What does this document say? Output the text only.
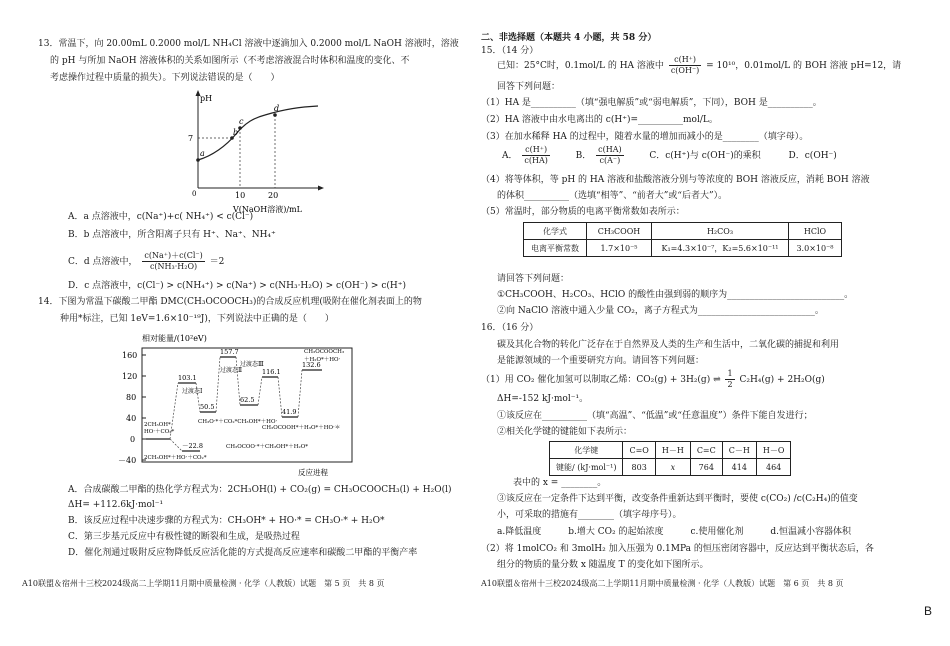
13．常温下，向 20.00mL 0.2000 mol/L NH₄Cl 溶液中逐滴加入 0.2000 mol/L NaOH 溶液时，溶液
的 pH 与所加 NaOH 溶液体积的关系如图所示（不考虑溶液混合时体积和温度的变化、不
考虑操作过程中质量的损失）。下列说法错误的是（　　）
pH
7
0	10	20
V(NaOH溶液)/mL
a
b
c
d
A．a 点溶液中，c(Na⁺)+c( NH₄⁺) < c(Cl⁻)
B．b 点溶液中，所含阳离子只有 H⁺、Na⁺、NH₄⁺
C．d 点溶液中， $\frac{c(Na^+)+c(Cl^-)}{\text{c(NH₃·H₂O)}} =2$
D．c 点溶液中，c(Cl⁻) > c(NH₄⁺) > c(Na⁺) > c(NH₃·H₂O) > c(OH⁻) > c(H⁺)
14．下图为常温下碳酸二甲酯 DMC(CH₃OCOOCH₃)的合成反应机理(吸附在催化剂表面上的物
种用*标注，已知 1eV=1.6×10⁻¹⁹J)，下列说法中正确的是（　　）
相对能量/(10²eV)
160
120
80
40
0
－40
103.1
50.5
157.7
62.5
116.1
41.9
132.6
－22.8
过渡态Ⅰ
过渡态Ⅱ
过渡态Ⅲ
2CH₃OH*
HO·＋CO₂*
CH₃O·*＋CO₂*CH₃OH*＋HO·
CH₃OCOOH*＋H₃O*＋HO·＊
CH₃OCOOCH₃
＋H₂O*＋HO·
CH₃OCOO·*＋CH₃OH*＋H₂O*
2CH₃OH*＋HO·＋CO₂*
反应进程
A．合成碳酸二甲酯的热化学方程式为：2CH₃OH(l) + CO₂(g) = CH₃OCOOCH₃(l) + H₂O(l)
ΔH= +112.6kJ·mol⁻¹
B．该反应过程中决速步骤的方程式为：CH₃OH* + HO·* = CH₃O·* + H₂O*
C．第三步基元反应中有极性键的断裂和生成，是吸热过程
D．催化剂通过吸附反应物降低反应活化能的方式提高反应速率和碳酸二甲酯的平衡产率
A10联盟＆宿州十三校2024级高二上学期11月期中质量检测 · 化学（人教版）试题　第 5 页　共 8 页
二、非选择题（本题共 4 小题，共 58 分）
15．（14 分）
已知：25°C时，0.1mol/L 的 HA 溶液中 $\frac{c(H^+)}{c(OH^-)} = 10^{10}$，0.01mol/L 的 BOH 溶液 pH=12，请
回答下列问题：
（1）HA 是__________（填“强电解质”或“弱电解质”，下同），BOH 是__________。
（2）HA 溶液中由水电离出的 c(H⁺)=__________mol/L。
（3）在加水稀释 HA 的过程中，随着水量的增加而减小的是________（填字母）。
A． $\frac{c(H^+)}{c(HA)}$	B． $\frac{c(HA)}{c(A^-)}$	C．c(H⁺)与 c(OH⁻)的乘积	D．c(OH⁻)
（4）将等体积，等 pH 的 HA 溶液和盐酸溶液分别与等浓度的 BOH 溶液反应，消耗 BOH 溶液
的体积__________（选填“相等”、“前者大”或“后者大”）。
（5）常温时，部分物质的电离平衡常数如表所示：
化学式	CH₃COOH	H₂CO₃	HClO
电离平衡常数	1.7×10⁻⁵	K₁=4.3×10⁻⁷，K₂=5.6×10⁻¹¹	3.0×10⁻⁸
请回答下列问题：
①CH₃COOH、H₂CO₃、HClO 的酸性由强到弱的顺序为__________________________。
②向 NaClO 溶液中通入少量 CO₂，离子方程式为__________________________。
16．（16 分）
碳及其化合物的转化广泛存在于自然界及人类的生产和生活中，二氧化碳的捕捉和利用
是能源领域的一个重要研究方向。请回答下列问题：
（1）用 CO₂ 催化加氢可以制取乙烯：CO₂(g) + 3H₂(g) ⇌ $\frac{1}{2} C_2H_4(g) + 2H_2O(g)$
ΔH=-152 kJ·mol⁻¹。
①该反应在__________（填“高温”、“低温”或“任意温度”）条件下能自发进行；
②相关化学键的键能如下表所示：
化学键	C=O	H－H	C=C	C－H	H－O
键能/ (kJ·mol⁻¹)	803	x	764	414	464
表中的 x = ________。
③该反应在一定条件下达到平衡，改变条件重新达到平衡时，要使 c(CO₂) /c(C₂H₄)的值变
小，可采取的措施有________（填字母序号）。
a.降低温度　　　b.增大 CO₂ 的起始浓度　　　c.使用催化剂　　　d.恒温减小容器体积
（2）将 1molCO₂ 和 3molH₂ 加入压强为 0.1MPa 的恒压密闭容器中，反应达到平衡状态后，各
组分的物质的量分数 x 随温度 T 的变化如下图所示。
A10联盟＆宿州十三校2024级高二上学期11月期中质量检测 · 化学（人教版）试题　第 6 页　共 8 页
B
